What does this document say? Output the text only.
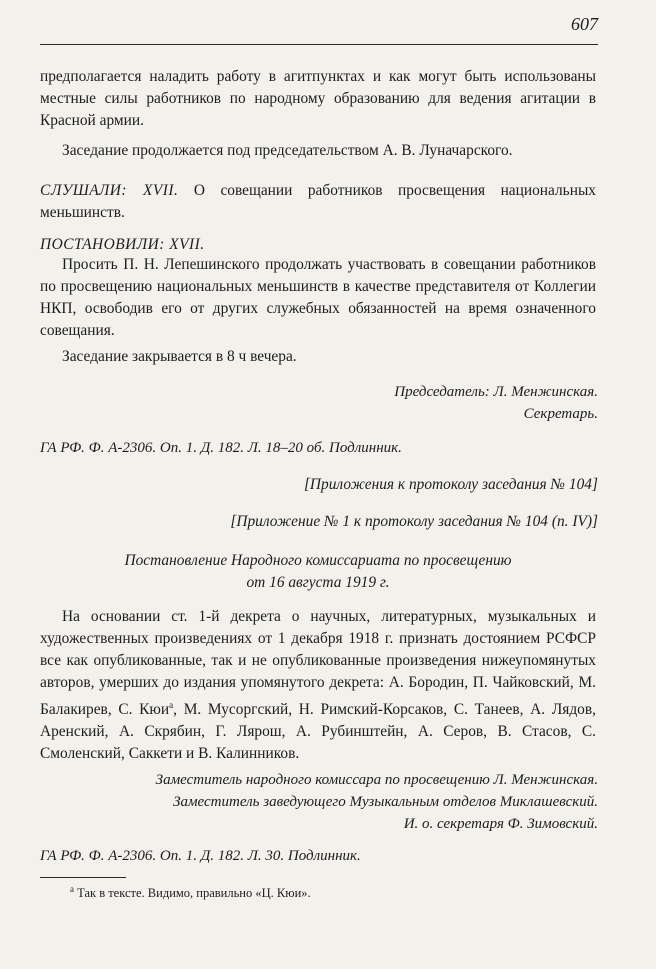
607
предполагается наладить работу в агитпунктах и как могут быть использованы местные силы работников по народному образованию для ведения агитации в Красной армии.
Заседание продолжается под председательством А. В. Луначарского.
СЛУШАЛИ: XVII. О совещании работников просвещения национальных меньшинств.
ПОСТАНОВИЛИ: XVII.
Просить П. Н. Лепешинского продолжать участвовать в совещании работников по просвещению национальных меньшинств в качестве представителя от Коллегии НКП, освободив его от других служебных обязанностей на время означенного совещания.
Заседание закрывается в 8 ч вечера.
Председатель: Л. Менжинская.
Секретарь.
ГА РФ. Ф. А-2306. Оп. 1. Д. 182. Л. 18–20 об. Подлинник.
[Приложения к протоколу заседания № 104]
[Приложение № 1 к протоколу заседания № 104 (п. IV)]
Постановление Народного комиссариата по просвещению
от 16 августа 1919 г.
На основании ст. 1-й декрета о научных, литературных, музыкальных и художественных произведениях от 1 декабря 1918 г. признать достоянием РСФСР все как опубликованные, так и не опубликованные произведения нижеупомянутых авторов, умерших до издания упомянутого декрета: А. Бородин, П. Чайковский, М. Балакирев, С. Кюи$^а$, М. Мусоргский, Н. Римский-Корсаков, С. Танеев, А. Лядов, Аренский, А. Скрябин, Г. Лярош, А. Рубинштейн, А. Серов, В. Стасов, С. Смоленский, Саккети и В. Калинников.
Заместитель народного комиссара по просвещению Л. Менжинская.
Заместитель заведующего Музыкальным отделов Миклашевский.
И. о. секретаря Ф. Зимовский.
ГА РФ. Ф. А-2306. Оп. 1. Д. 182. Л. 30. Подлинник.
$^а$ Так в тексте. Видимо, правильно «Ц. Кюи».
